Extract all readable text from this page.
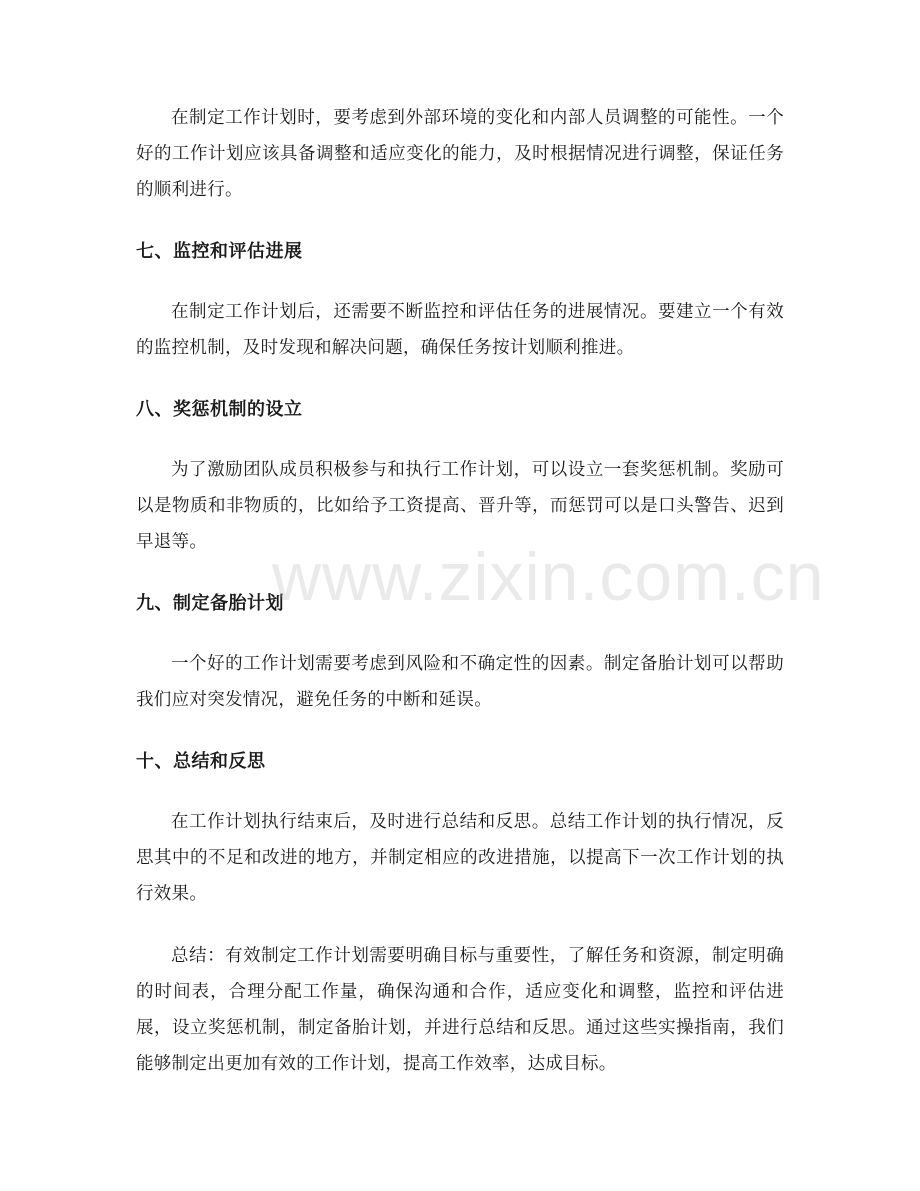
在制定工作计划时，要考虑到外部环境的变化和内部人员调整的可能性。一个好的工作计划应该具备调整和适应变化的能力，及时根据情况进行调整，保证任务的顺利进行。

七、监控和评估进展

在制定工作计划后，还需要不断监控和评估任务的进展情况。要建立一个有效的监控机制，及时发现和解决问题，确保任务按计划顺利推进。

八、奖惩机制的设立

为了激励团队成员积极参与和执行工作计划，可以设立一套奖惩机制。奖励可以是物质和非物质的，比如给予工资提高、晋升等，而惩罚可以是口头警告、迟到早退等。

九、制定备胎计划

一个好的工作计划需要考虑到风险和不确定性的因素。制定备胎计划可以帮助我们应对突发情况，避免任务的中断和延误。

十、总结和反思

在工作计划执行结束后，及时进行总结和反思。总结工作计划的执行情况，反思其中的不足和改进的地方，并制定相应的改进措施，以提高下一次工作计划的执行效果。

总结：有效制定工作计划需要明确目标与重要性，了解任务和资源，制定明确的时间表，合理分配工作量，确保沟通和合作，适应变化和调整，监控和评估进展，设立奖惩机制，制定备胎计划，并进行总结和反思。通过这些实操指南，我们能够制定出更加有效的工作计划，提高工作效率，达成目标。

www.zixin.com.cn
